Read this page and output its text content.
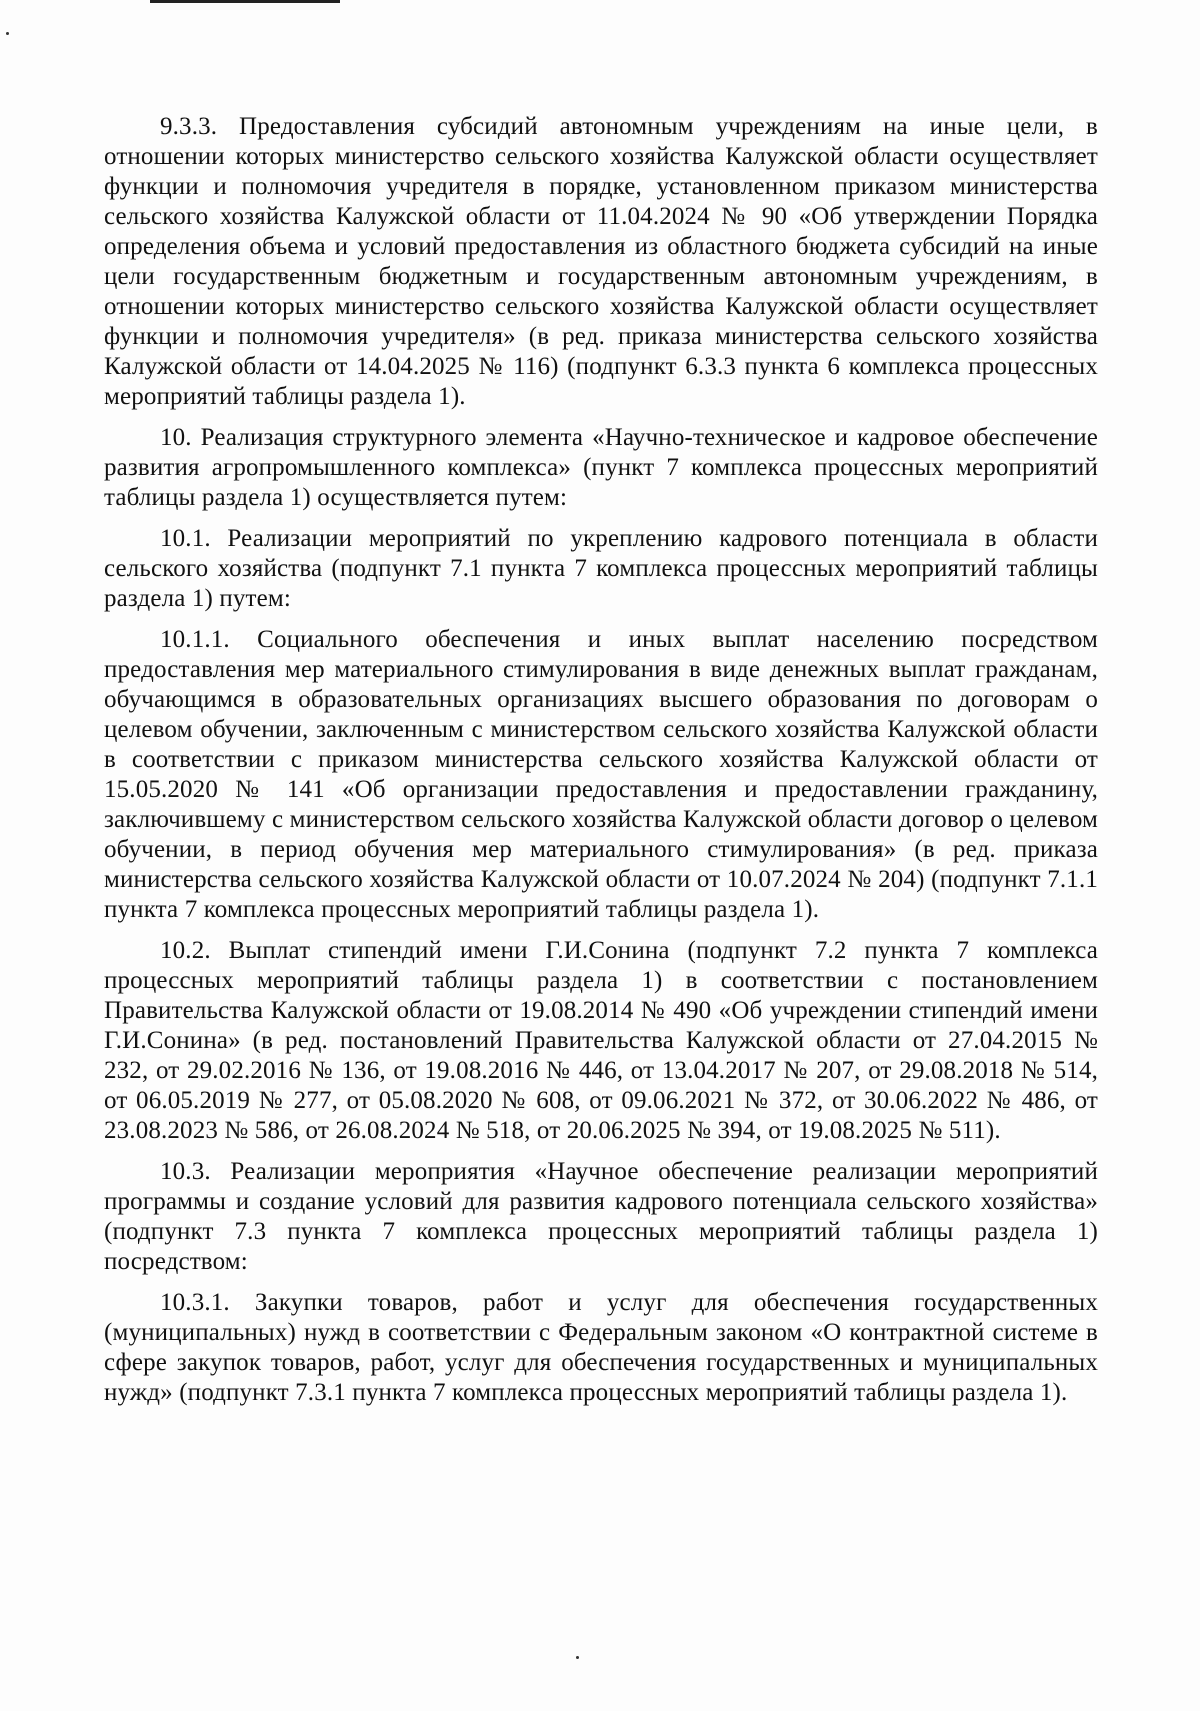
9.3.3. Предоставления субсидий автономным учреждениям на иные цели, в отношении которых министерство сельского хозяйства Калужской области осуществляет функции и полномочия учредителя в порядке, установленном приказом министерства сельского хозяйства Калужской области от 11.04.2024 № 90 «Об утверждении Порядка определения объема и условий предоставления из областного бюджета субсидий на иные цели государственным бюджетным и государственным автономным учреждениям, в отношении которых министерство сельского хозяйства Калужской области осуществляет функции и полномочия учредителя» (в ред. приказа министерства сельского хозяйства Калужской области от 14.04.2025 № 116) (подпункт 6.3.3 пункта 6 комплекса процессных мероприятий таблицы раздела 1).

10. Реализация структурного элемента «Научно-техническое и кадровое обеспечение развития агропромышленного комплекса» (пункт 7 комплекса процессных мероприятий таблицы раздела 1) осуществляется путем:

10.1. Реализации мероприятий по укреплению кадрового потенциала в области сельского хозяйства (подпункт 7.1 пункта 7 комплекса процессных мероприятий таблицы раздела 1) путем:

10.1.1. Социального обеспечения и иных выплат населению посредством предоставления мер материального стимулирования в виде денежных выплат гражданам, обучающимся в образовательных организациях высшего образования по договорам о целевом обучении, заключенным с министерством сельского хозяйства Калужской области в соответствии с приказом министерства сельского хозяйства Калужской области от 15.05.2020 № 141 «Об организации предоставления и предоставлении гражданину, заключившему с министерством сельского хозяйства Калужской области договор о целевом обучении, в период обучения мер материального стимулирования» (в ред. приказа министерства сельского хозяйства Калужской области от 10.07.2024 № 204) (подпункт 7.1.1 пункта 7 комплекса процессных мероприятий таблицы раздела 1).

10.2. Выплат стипендий имени Г.И.Сонина (подпункт 7.2 пункта 7 комплекса процессных мероприятий таблицы раздела 1) в соответствии с постановлением Правительства Калужской области от 19.08.2014 № 490 «Об учреждении стипендий имени Г.И.Сонина» (в ред. постановлений Правительства Калужской области от 27.04.2015 № 232, от 29.02.2016 № 136, от 19.08.2016 № 446, от 13.04.2017 № 207, от 29.08.2018 № 514, от 06.05.2019 № 277, от 05.08.2020 № 608, от 09.06.2021 № 372, от 30.06.2022 № 486, от 23.08.2023 № 586, от 26.08.2024 № 518, от 20.06.2025 № 394, от 19.08.2025 № 511).

10.3. Реализации мероприятия «Научное обеспечение реализации мероприятий программы и создание условий для развития кадрового потенциала сельского хозяйства» (подпункт 7.3 пункта 7 комплекса процессных мероприятий таблицы раздела 1) посредством:

10.3.1. Закупки товаров, работ и услуг для обеспечения государственных (муниципальных) нужд в соответствии с Федеральным законом «О контрактной системе в сфере закупок товаров, работ, услуг для обеспечения государственных и муниципальных нужд» (подпункт 7.3.1 пункта 7 комплекса процессных мероприятий таблицы раздела 1).
